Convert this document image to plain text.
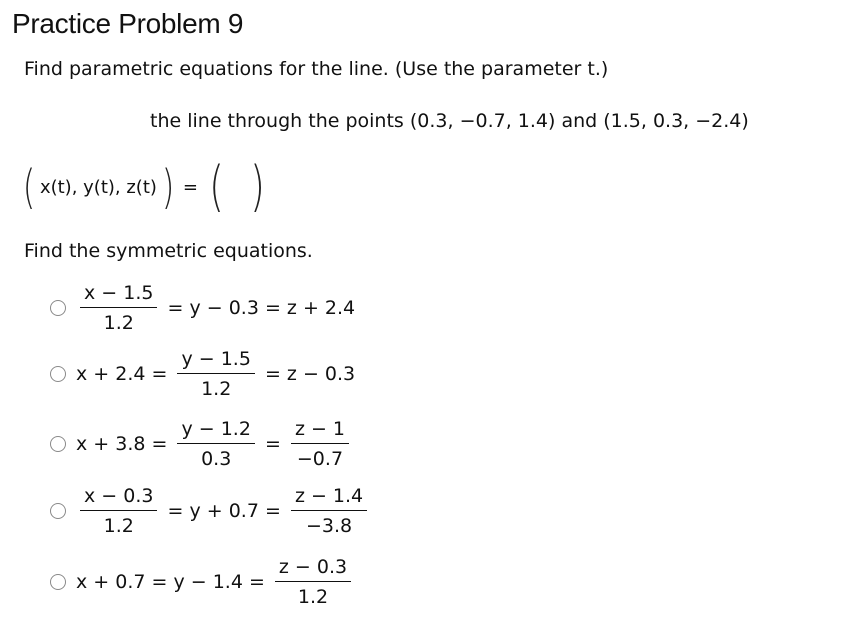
Practice Problem 9

Find parametric equations for the line. (Use the parameter t.)

the line through the points (0.3, −0.7, 1.4) and (1.5, 0.3, −2.4)

( x(t), y(t), z(t) ) = ( )

Find the symmetric equations.

$\frac{x - 1.5}{1.2} = y - 0.3 = z + 2.4$
$x + 2.4 = \frac{y - 1.5}{1.2} = z - 0.3$
$x + 3.8 = \frac{y - 1.2}{0.3} = \frac{z - 1}{-0.7}$
$\frac{x - 0.3}{1.2} = y + 0.7 = \frac{z - 1.4}{-3.8}$
$x + 0.7 = y - 1.4 = \frac{z - 0.3}{1.2}$
